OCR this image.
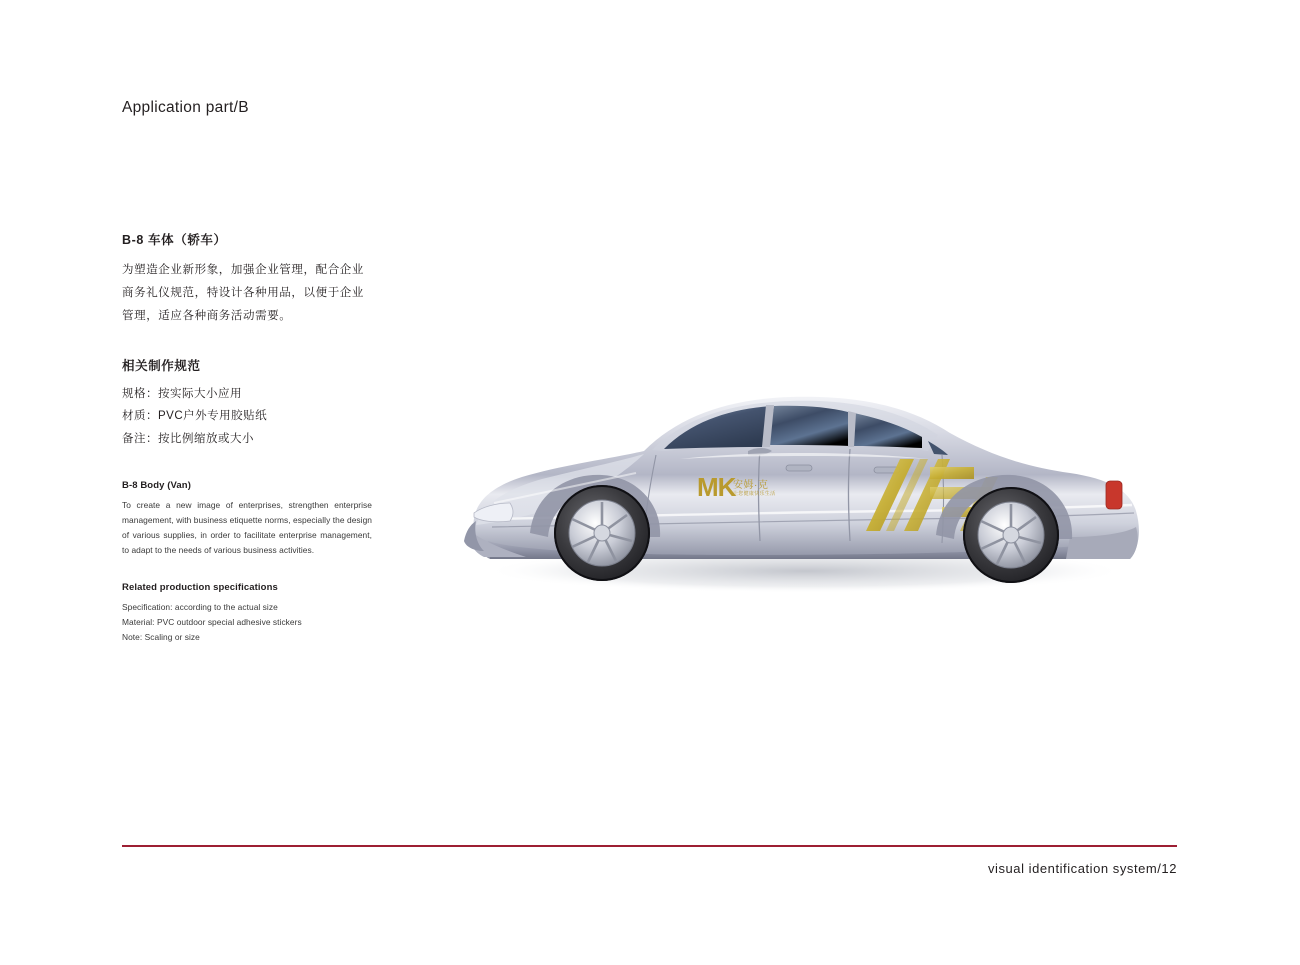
Application part/B
B-8 车体（轿车）

为塑造企业新形象，加强企业管理，配合企业商务礼仪规范，特设计各种用品，以便于企业管理，适应各种商务活动需要。

相关制作规范
规格：按实际大小应用
材质：PVC户外专用胶贴纸
备注：按比例缩放或大小
B-8 Body (Van)

To create a new image of enterprises, strengthen enterprise management, with business etiquette norms, especially the design of various supplies, in order to facilitate enterprise management, to adapt to the needs of various business activities.

Related production specifications
Specification: according to the actual size
Material: PVC outdoor special adhesive stickers
Note: Scaling or size
MK
安姆·克
让您健康快乐生活
visual identification system/12
